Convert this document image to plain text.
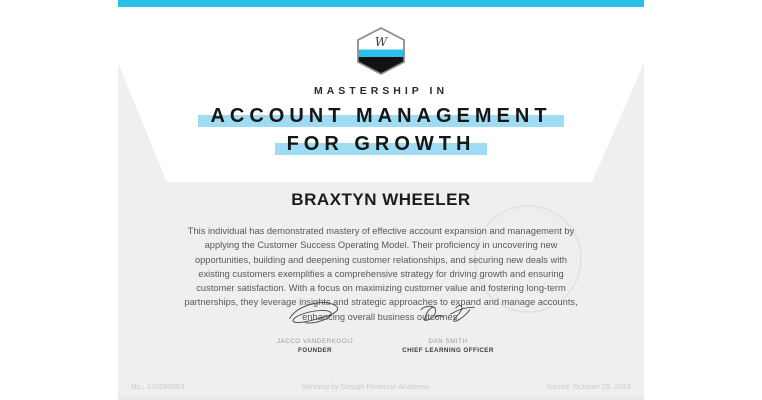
W
MASTERSHIP IN
ACCOUNT MANAGEMENT
FOR GROWTH
BRAXTYN WHEELER
This individual has demonstrated mastery of effective account expansion and management by applying the Customer Success Operating Model. Their proficiency in uncovering new opportunities, building and deepening customer relationships, and securing new deals with existing customers exemplifies a comprehensive strategy for driving growth and ensuring customer satisfaction. With a focus on maximizing customer value and fostering long-term partnerships, they leverage insights and strategic approaches to expand and manage accounts, enhancing overall business outcomes.
JACCO VANDERKOOIJ
FOUNDER
DAN SMITH
CHIEF LEARNING OFFICER
No.: 120280863	Winning by Design Revenue Academy	Issued: October 29, 2024
